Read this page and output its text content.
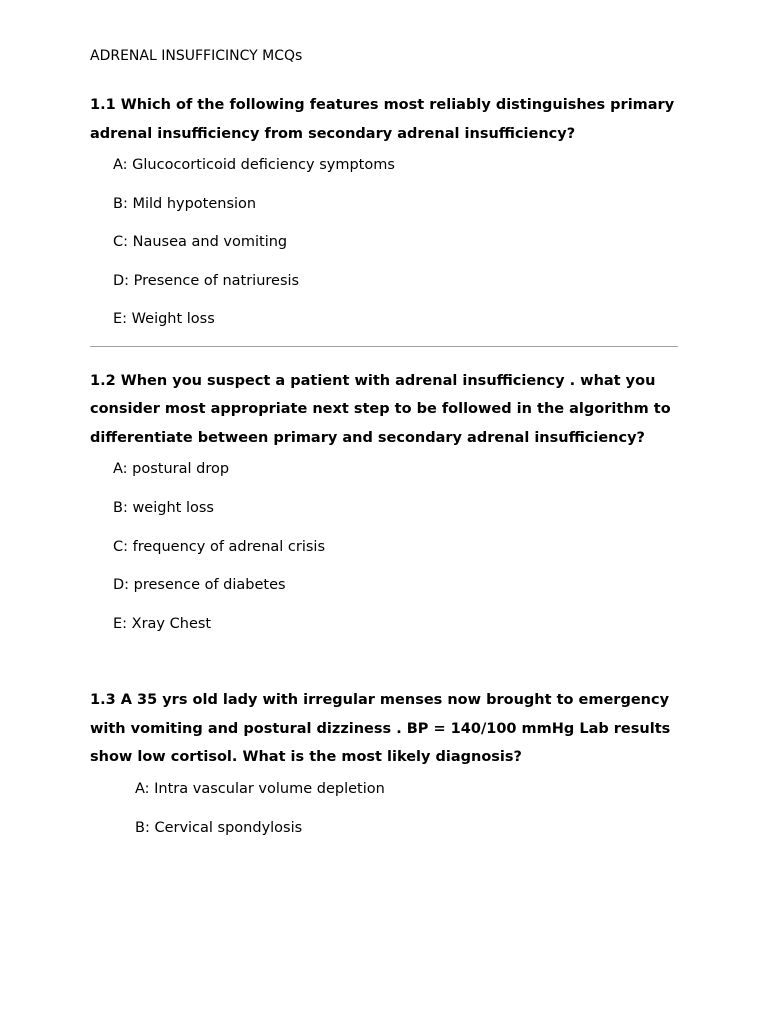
ADRENAL INSUFFICINCY MCQs

1.1 Which of the following features most reliably distinguishes primary adrenal insufficiency from secondary adrenal insufficiency?

A: Glucocorticoid deficiency symptoms
B: Mild hypotension
C: Nausea and vomiting
D: Presence of natriuresis
E: Weight loss

1.2 When you suspect a patient with adrenal insufficiency . what you consider most appropriate next step to be followed in the algorithm to differentiate between primary and secondary adrenal insufficiency?

A: postural drop
B: weight loss
C: frequency of adrenal crisis
D: presence of diabetes
E: Xray Chest

1.3 A 35 yrs old lady with irregular menses now brought to emergency with vomiting and postural dizziness . BP = 140/100 mmHg Lab results show low cortisol. What is the most likely diagnosis?

A: Intra vascular volume depletion
B: Cervical spondylosis
